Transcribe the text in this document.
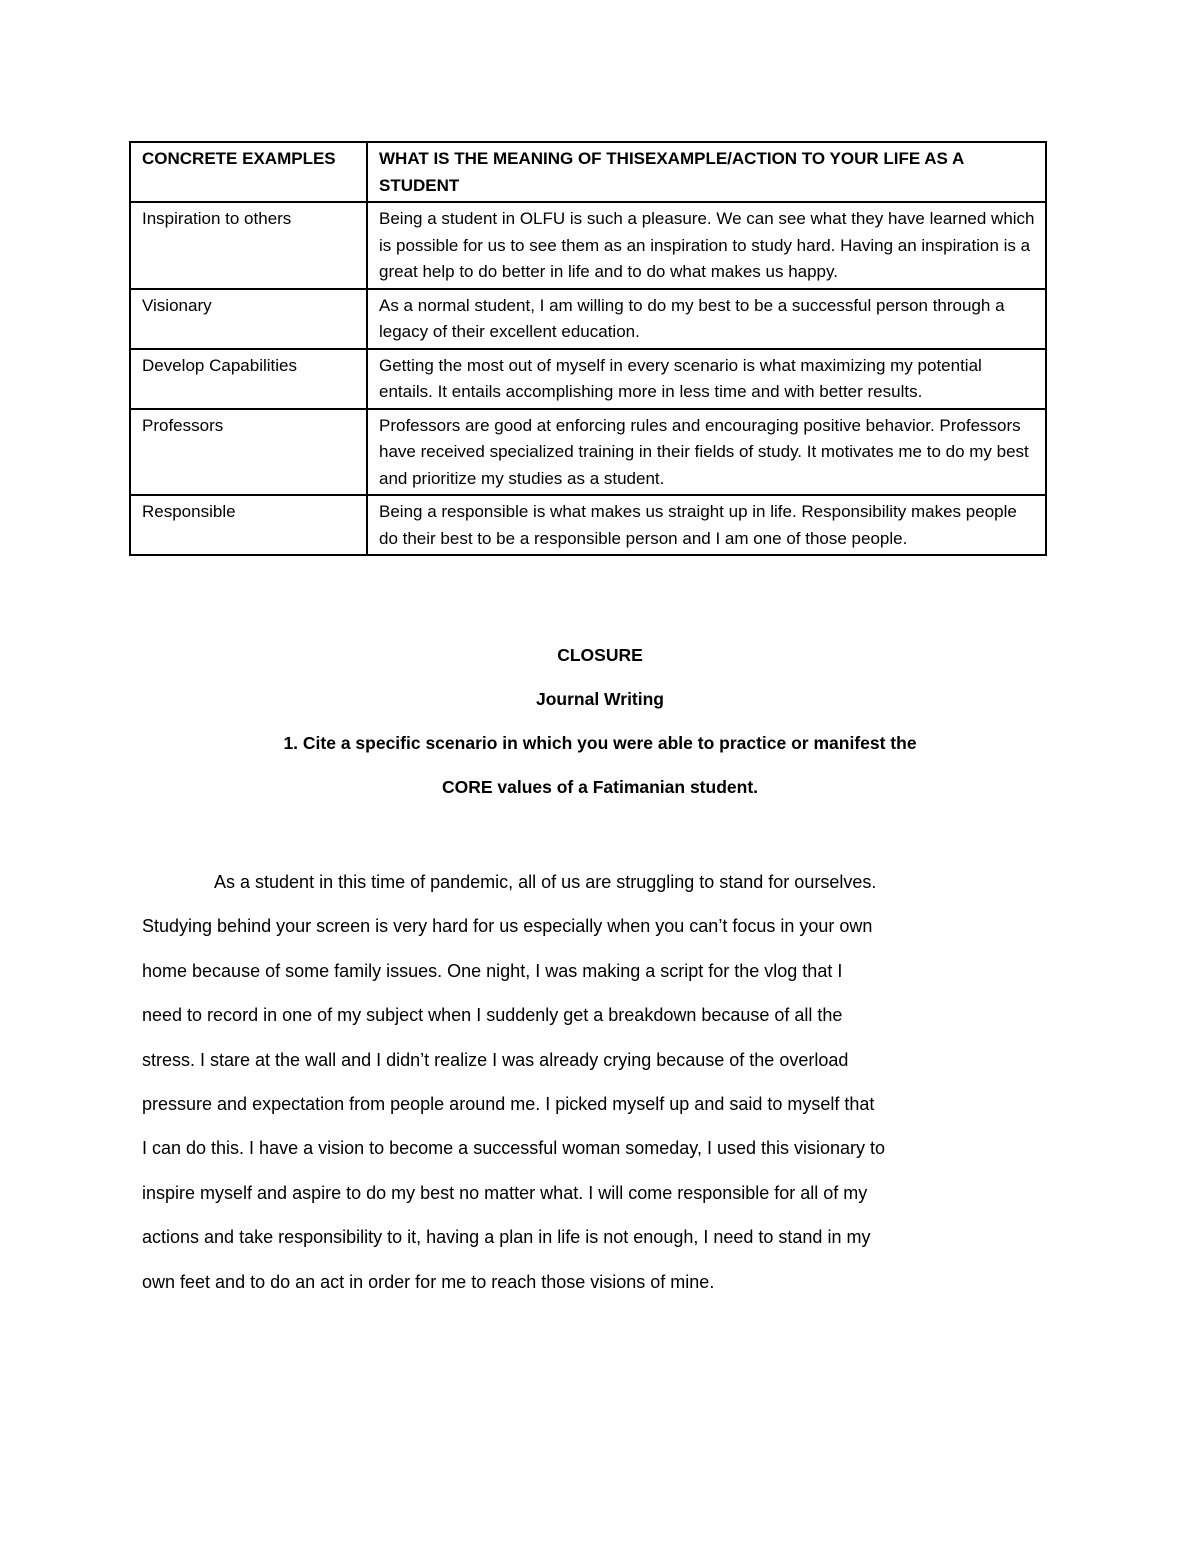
CONCRETE EXAMPLES	WHAT IS THE MEANING OF THISEXAMPLE/ACTION TO YOUR LIFE AS A STUDENT
Inspiration to others	Being a student in OLFU is such a pleasure. We can see what they have learned which is possible for us to see them as an inspiration to study hard. Having an inspiration is a great help to do better in life and to do what makes us happy.
Visionary	As a normal student, I am willing to do my best to be a successful person through a legacy of their excellent education.
Develop Capabilities	Getting the most out of myself in every scenario is what maximizing my potential entails. It entails accomplishing more in less time and with better results.
Professors	Professors are good at enforcing rules and encouraging positive behavior. Professors have received specialized training in their fields of study. It motivates me to do my best and prioritize my studies as a student.
Responsible	Being a responsible is what makes us straight up in life. Responsibility makes people do their best to be a responsible person and I am one of those people.
CLOSURE
Journal Writing
1. Cite a specific scenario in which you were able to practice or manifest the
CORE values of a Fatimanian student.
As a student in this time of pandemic, all of us are struggling to stand for ourselves.
Studying behind your screen is very hard for us especially when you can’t focus in your own
home because of some family issues. One night, I was making a script for the vlog that I
need to record in one of my subject when I suddenly get a breakdown because of all the
stress. I stare at the wall and I didn’t realize I was already crying because of the overload
pressure and expectation from people around me. I picked myself up and said to myself that
I can do this. I have a vision to become a successful woman someday, I used this visionary to
inspire myself and aspire to do my best no matter what. I will come responsible for all of my
actions and take responsibility to it, having a plan in life is not enough, I need to stand in my
own feet and to do an act in order for me to reach those visions of mine.
